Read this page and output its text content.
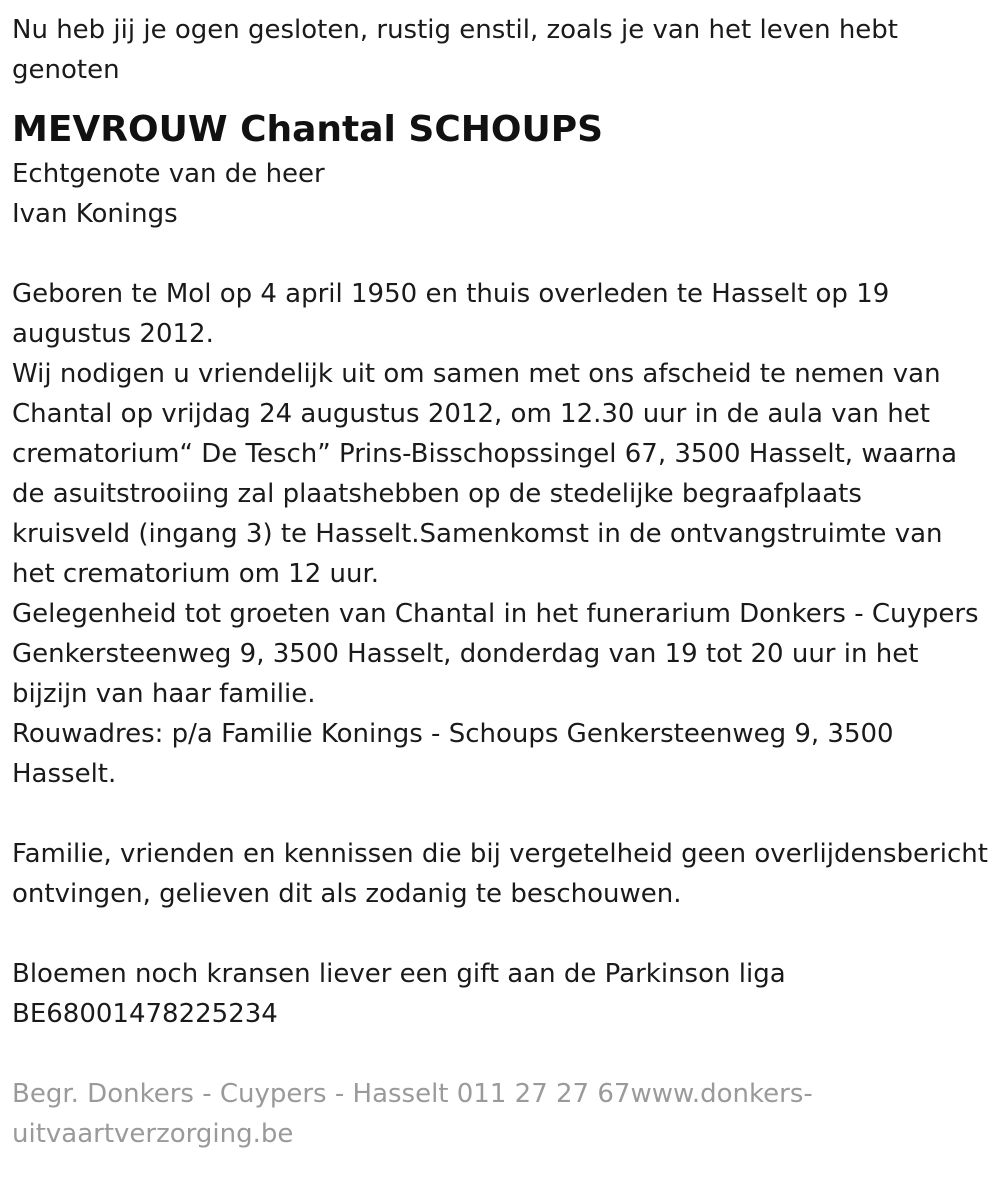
Nu heb jij je ogen gesloten, rustig enstil, zoals je van het leven hebt genoten

MEVROUW Chantal SCHOUPS

Echtgenote van de heer
Ivan Konings

Geboren te Mol op 4 april 1950 en thuis overleden te Hasselt op 19 augustus 2012.

Wij nodigen u vriendelijk uit om samen met ons afscheid te nemen van Chantal op vrijdag 24 augustus 2012, om 12.30 uur in de aula van het crematorium“ De Tesch” Prins-Bisschopssingel 67, 3500 Hasselt, waarna de asuitstrooiing zal plaatshebben op de stedelijke begraafplaats kruisveld (ingang 3) te Hasselt.Samenkomst in de ontvangstruimte van het crematorium om 12 uur.

Gelegenheid tot groeten van Chantal in het funerarium Donkers - Cuypers Genkersteenweg 9, 3500 Hasselt, donderdag van 19 tot 20 uur in het bijzijn van haar familie.

Rouwadres: p/a Familie Konings - Schoups Genkersteenweg 9, 3500 Hasselt.

Familie, vrienden en kennissen die bij vergetelheid geen overlijdensbericht ontvingen, gelieven dit als zodanig te beschouwen.

Bloemen noch kransen liever een gift aan de Parkinson liga
BE68001478225234

Begr. Donkers - Cuypers - Hasselt 011 27 27 67www.donkers-
uitvaartverzorging.be
